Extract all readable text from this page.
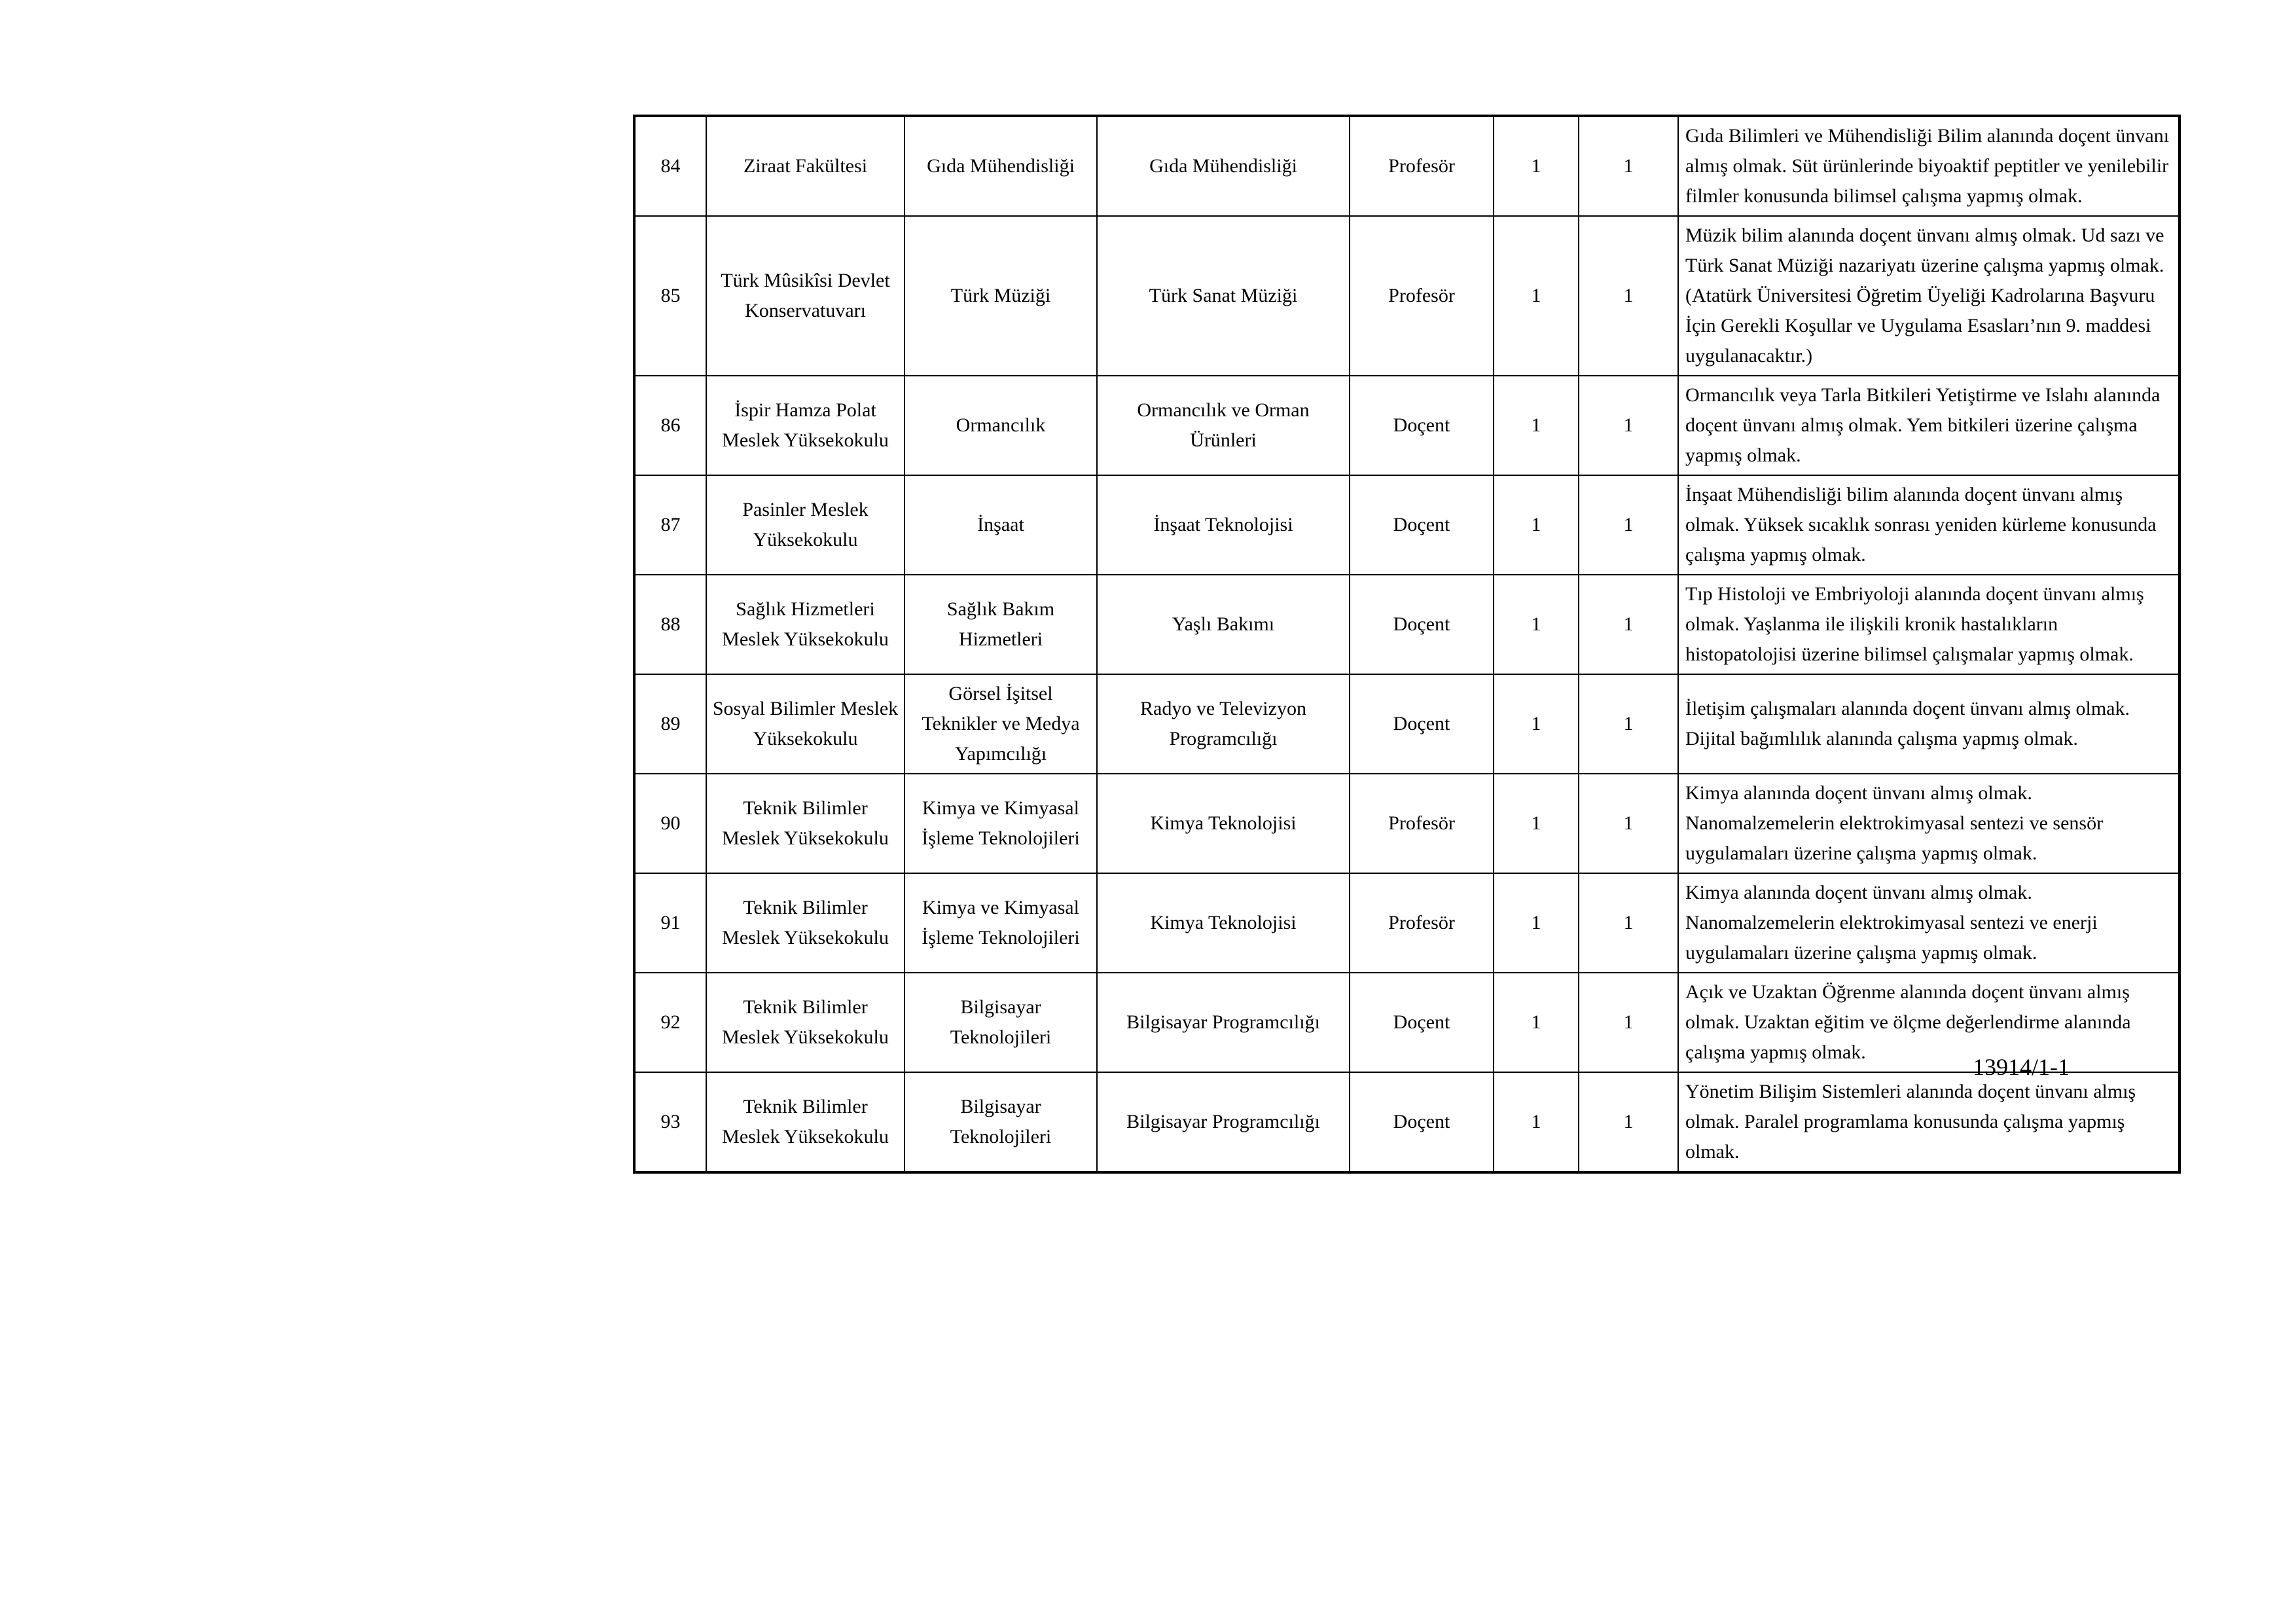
84	Ziraat Fakültesi	Gıda Mühendisliği	Gıda Mühendisliği	Profesör	1	1	Gıda Bilimleri ve Mühendisliği Bilim alanında doçent ünvanı almış olmak. Süt ürünlerinde biyoaktif peptitler ve yenilebilir filmler konusunda bilimsel çalışma yapmış olmak.
85	Türk Mûsikîsi Devlet Konservatuvarı	Türk Müziği	Türk Sanat Müziği	Profesör	1	1	Müzik bilim alanında doçent ünvanı almış olmak. Ud sazı ve Türk Sanat Müziği nazariyatı üzerine çalışma yapmış olmak. (Atatürk Üniversitesi Öğretim Üyeliği Kadrolarına Başvuru İçin Gerekli Koşullar ve Uygulama Esasları’nın 9. maddesi uygulanacaktır.)
86	İspir Hamza Polat Meslek Yüksekokulu	Ormancılık	Ormancılık ve Orman Ürünleri	Doçent	1	1	Ormancılık veya Tarla Bitkileri Yetiştirme ve Islahı alanında doçent ünvanı almış olmak. Yem bitkileri üzerine çalışma yapmış olmak.
87	Pasinler Meslek Yüksekokulu	İnşaat	İnşaat Teknolojisi	Doçent	1	1	İnşaat Mühendisliği bilim alanında doçent ünvanı almış olmak. Yüksek sıcaklık sonrası yeniden kürleme konusunda çalışma yapmış olmak.
88	Sağlık Hizmetleri Meslek Yüksekokulu	Sağlık Bakım Hizmetleri	Yaşlı Bakımı	Doçent	1	1	Tıp Histoloji ve Embriyoloji alanında doçent ünvanı almış olmak. Yaşlanma ile ilişkili kronik hastalıkların histopatolojisi üzerine bilimsel çalışmalar yapmış olmak.
89	Sosyal Bilimler Meslek Yüksekokulu	Görsel İşitsel Teknikler ve Medya Yapımcılığı	Radyo ve Televizyon Programcılığı	Doçent	1	1	İletişim çalışmaları alanında doçent ünvanı almış olmak. Dijital bağımlılık alanında çalışma yapmış olmak.
90	Teknik Bilimler Meslek Yüksekokulu	Kimya ve Kimyasal İşleme Teknolojileri	Kimya Teknolojisi	Profesör	1	1	Kimya alanında doçent ünvanı almış olmak. Nanomalzemelerin elektrokimyasal sentezi ve sensör uygulamaları üzerine çalışma yapmış olmak.
91	Teknik Bilimler Meslek Yüksekokulu	Kimya ve Kimyasal İşleme Teknolojileri	Kimya Teknolojisi	Profesör	1	1	Kimya alanında doçent ünvanı almış olmak. Nanomalzemelerin elektrokimyasal sentezi ve enerji uygulamaları üzerine çalışma yapmış olmak.
92	Teknik Bilimler Meslek Yüksekokulu	Bilgisayar Teknolojileri	Bilgisayar Programcılığı	Doçent	1	1	Açık ve Uzaktan Öğrenme alanında doçent ünvanı almış olmak. Uzaktan eğitim ve ölçme değerlendirme alanında çalışma yapmış olmak.
93	Teknik Bilimler Meslek Yüksekokulu	Bilgisayar Teknolojileri	Bilgisayar Programcılığı	Doçent	1	1	Yönetim Bilişim Sistemleri alanında doçent ünvanı almış olmak. Paralel programlama konusunda çalışma yapmış olmak.
13914/1-1
